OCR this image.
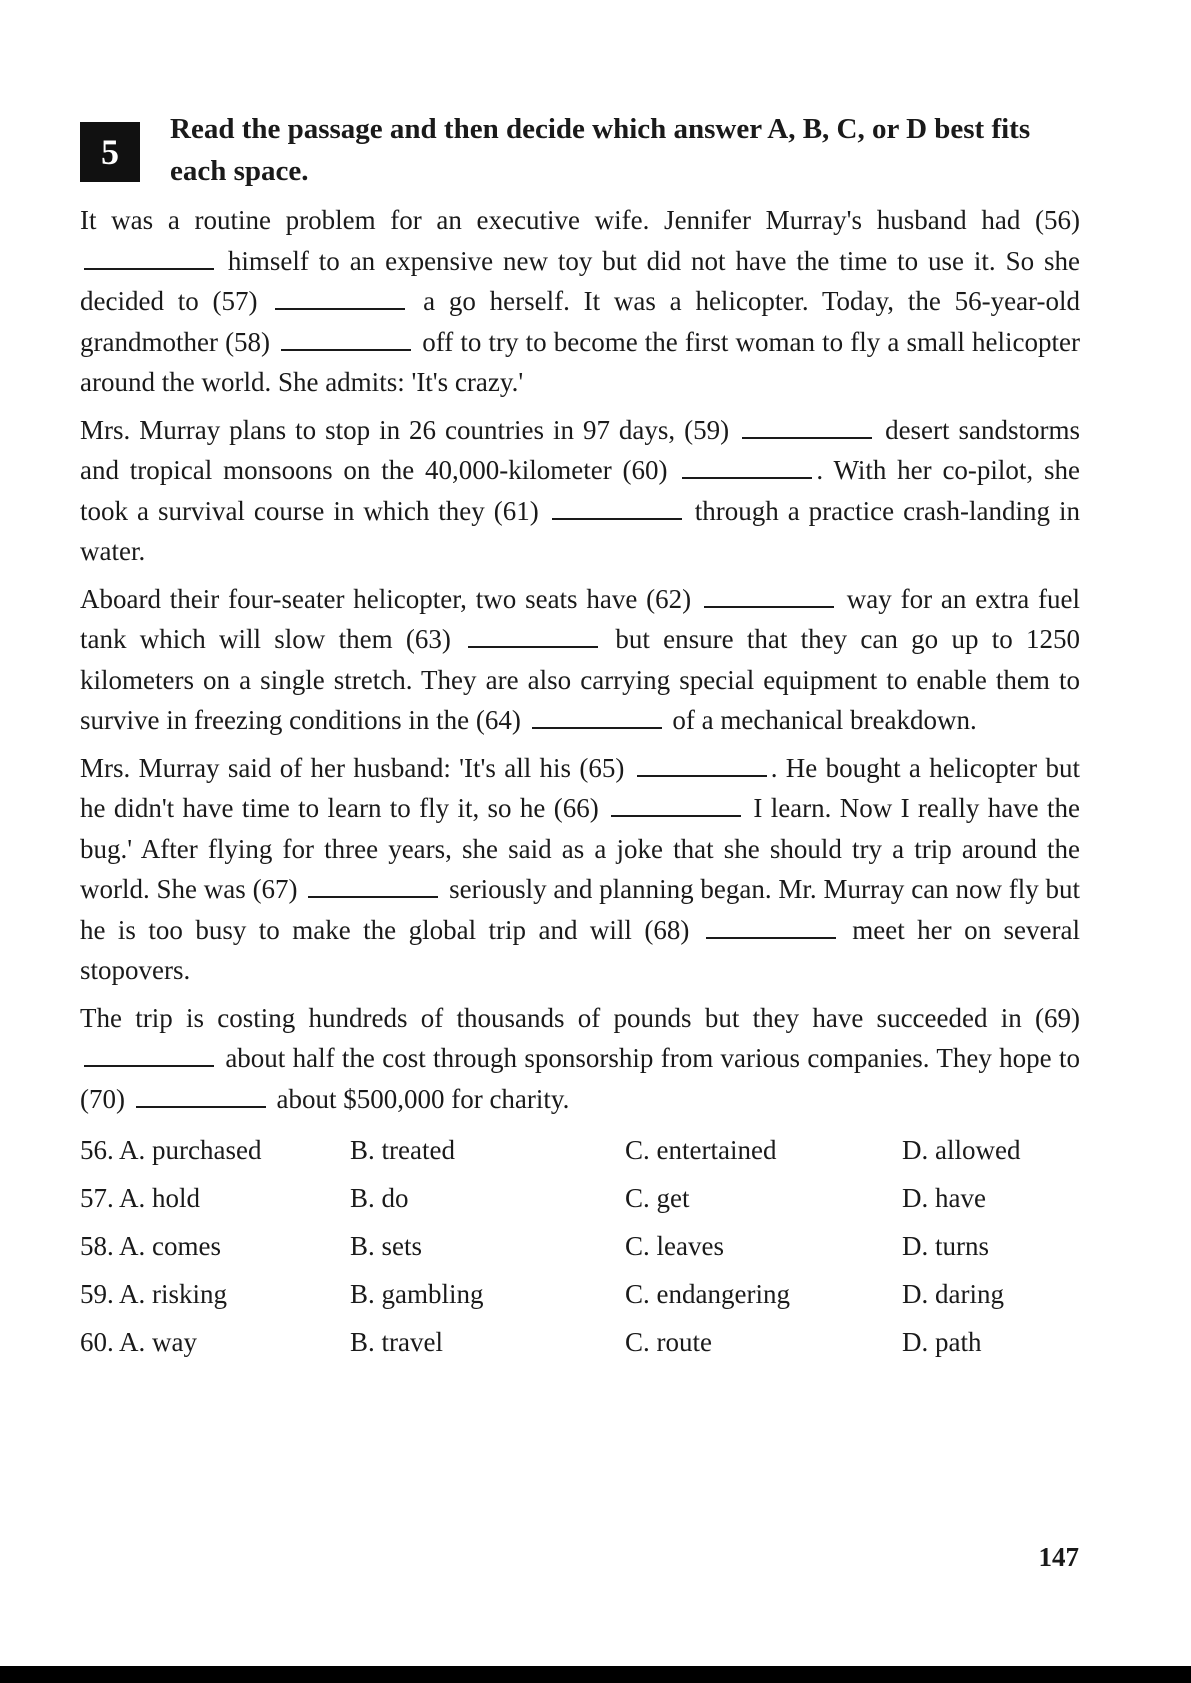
5

Read the passage and then decide which answer A, B, C, or D best fits each space.

It was a routine problem for an executive wife. Jennifer Murray's husband had (56)  himself to an expensive new toy but did not have the time to use it. So she decided to (57)	a go herself. It was a helicopter. Today, the 56-year-old grandmother (58)	off to try to become the first woman to fly a small helicopter around the world. She admits: 'It's crazy.'

Mrs. Murray plans to stop in 26 countries in 97 days, (59)	desert sandstorms and tropical monsoons on the 40,000-kilometer (60)	. With her co-pilot, she took a survival course in which they (61)	through a practice crash-landing in water.

Aboard their four-seater helicopter, two seats have (62)	way for an extra fuel tank which will slow them (63)	but ensure that they can go up to 1250 kilometers on a single stretch. They are also carrying special equipment to enable them to survive in freezing conditions in the (64)	of a mechanical breakdown.

Mrs. Murray said of her husband: 'It's all his (65)	. He bought a helicopter but he didn't have time to learn to fly it, so he (66)	I learn. Now I really have the bug.' After flying for three years, she said as a joke that she should try a trip around the world. She was (67)	seriously and planning began. Mr. Murray can now fly but he is too busy to make the global trip and will (68)	meet her on several stopovers.

The trip is costing hundreds of thousands of pounds but they have succeeded in (69)  about half the cost through sponsorship from various companies. They hope to (70)	about $500,000 for charity.

56. A. purchased	B. treated	C. entertained	D. allowed
57. A. hold	B. do	C. get	D. have
58. A. comes	B. sets	C. leaves	D. turns
59. A. risking	B. gambling	C. endangering	D. daring
60. A. way	B. travel	C. route	D. path
147
